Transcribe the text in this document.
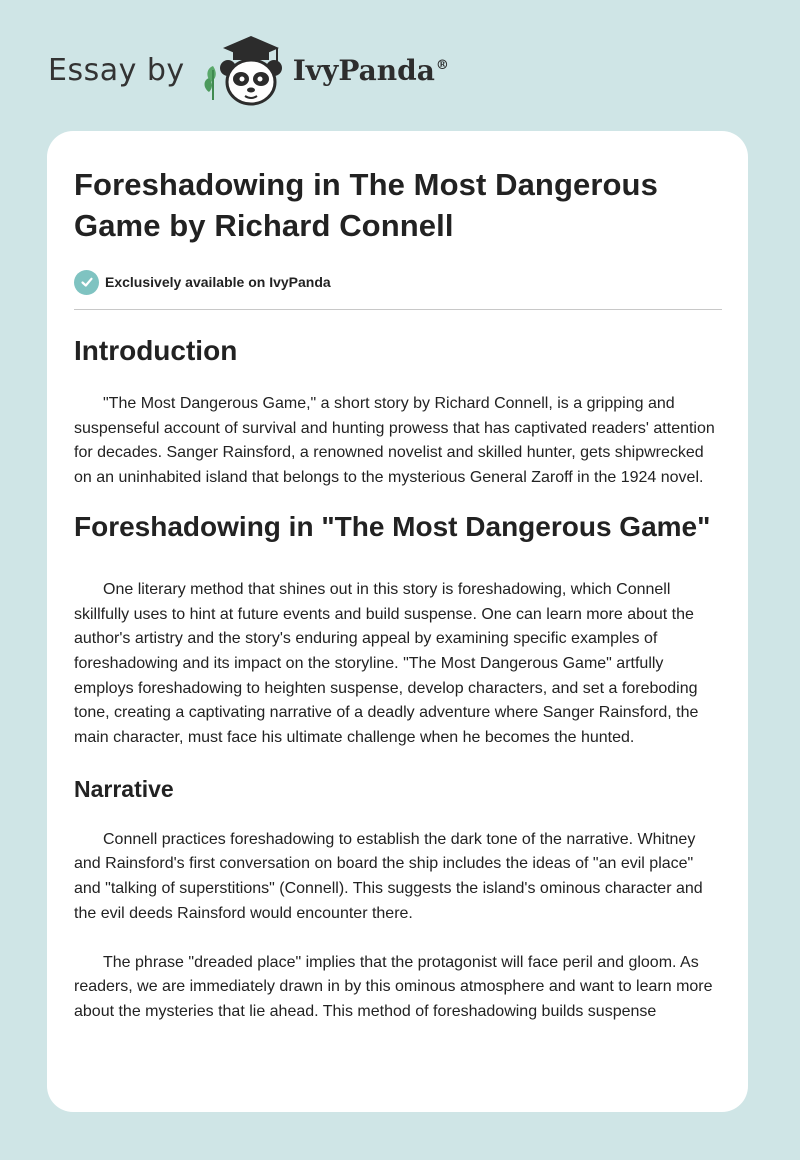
Essay by	IvyPanda®
Foreshadowing in The Most Dangerous Game by Richard Connell
Exclusively available on IvyPanda
Introduction

"The Most Dangerous Game," a short story by Richard Connell, is a gripping and suspenseful account of survival and hunting prowess that has captivated readers' attention for decades. Sanger Rainsford, a renowned novelist and skilled hunter, gets shipwrecked on an uninhabited island that belongs to the mysterious General Zaroff in the 1924 novel.

Foreshadowing in "The Most Dangerous Game"

One literary method that shines out in this story is foreshadowing, which Connell skillfully uses to hint at future events and build suspense. One can learn more about the author's artistry and the story's enduring appeal by examining specific examples of foreshadowing and its impact on the storyline. "The Most Dangerous Game" artfully employs foreshadowing to heighten suspense, develop characters, and set a foreboding tone, creating a captivating narrative of a deadly adventure where Sanger Rainsford, the main character, must face his ultimate challenge when he becomes the hunted.

Narrative

Connell practices foreshadowing to establish the dark tone of the narrative. Whitney and Rainsford's first conversation on board the ship includes the ideas of "an evil place" and "talking of superstitions" (Connell). This suggests the island's ominous character and the evil deeds Rainsford would encounter there.

The phrase "dreaded place" implies that the protagonist will face peril and gloom. As readers, we are immediately drawn in by this ominous atmosphere and want to learn more about the mysteries that lie ahead. This method of foreshadowing builds suspense
